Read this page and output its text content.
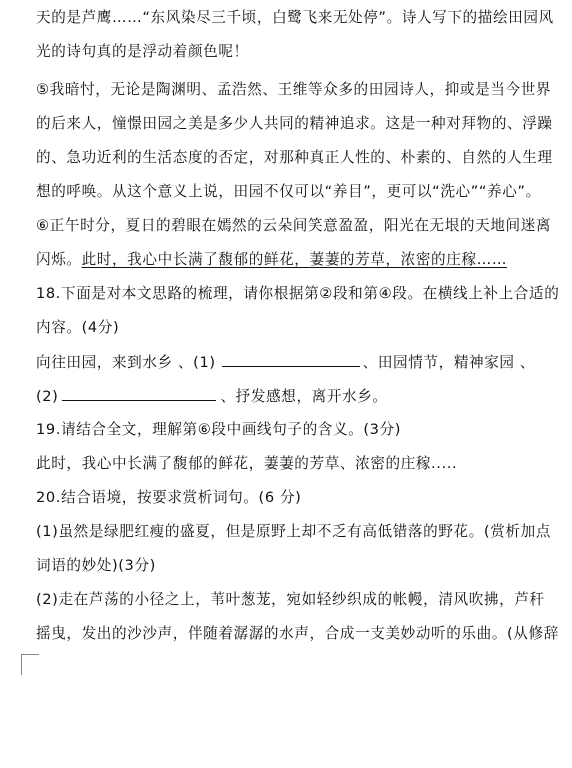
天的是芦鹰……“东风染尽三千顷，白鹭飞来无处停”。诗人写下的描绘田园风
光的诗句真的是浮动着颜色呢！
⑤我暗忖，无论是陶渊明、孟浩然、王维等众多的田园诗人，抑或是当今世界
的后来人，憧憬田园之美是多少人共同的精神追求。这是一种对拜物的、浮躁
的、急功近利的生活态度的否定，对那种真正人性的、朴素的、自然的人生理
想的呼唤。从这个意义上说，田园不仅可以“养目”，更可以“洗心”“养心”。
⑥正午时分，夏日的碧眼在嫣然的云朵间笑意盈盈，阳光在无垠的天地间迷离
闪烁。此时，我心中长满了馥郁的鲜花，萋萋的芳草，浓密的庄稼……
18.下面是对本文思路的梳理，请你根据第②段和第④段。在横线上补上合适的
内容。(4分)
向往田园，来到水乡 、(1)	、田园情节，精神家园 、
(2)	、抒发感想，离开水乡。
19.请结合全文，理解第⑥段中画线句子的含义。(3分)
此时，我心中长满了馥郁的鲜花，萋萋的芳草、浓密的庄稼.....
20.结合语境，按要求赏析词句。(6 分)
(1)虽然是绿肥红瘦的盛夏，但是原野上却不乏有高低错落的野花。(赏析加点
词语的妙处)(3分)
(2)走在芦荡的小径之上，苇叶葱茏，宛如轻纱织成的帐幔，清风吹拂，芦秆
摇曳，发出的沙沙声，伴随着潺潺的水声，合成一支美妙动听的乐曲。(从修辞
